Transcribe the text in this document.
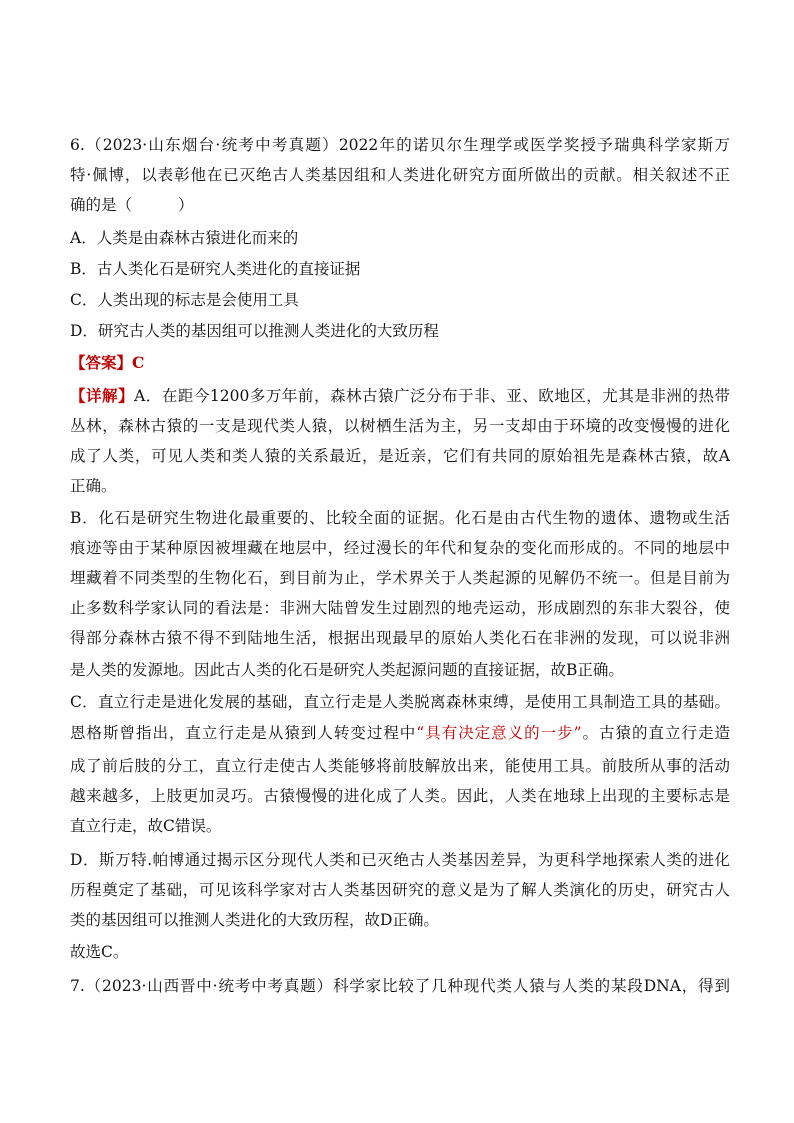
6.（2023·山东烟台·统考中考真题）2022年的诺贝尔生理学或医学奖授予瑞典科学家斯万
特·佩博，以表彰他在已灭绝古人类基因组和人类进化研究方面所做出的贡献。相关叙述不正
确的是（	）
A．人类是由森林古猿进化而来的
B．古人类化石是研究人类进化的直接证据
C．人类出现的标志是会使用工具
D．研究古人类的基因组可以推测人类进化的大致历程
【答案】C
【详解】A．在距今1200多万年前，森林古猿广泛分布于非、亚、欧地区，尤其是非洲的热带
丛林，森林古猿的一支是现代类人猿，以树栖生活为主，另一支却由于环境的改变慢慢的进化
成了人类，可见人类和类人猿的关系最近，是近亲，它们有共同的原始祖先是森林古猿，故A
正确。
B．化石是研究生物进化最重要的、比较全面的证据。化石是由古代生物的遗体、遗物或生活
痕迹等由于某种原因被埋藏在地层中，经过漫长的年代和复杂的变化而形成的。不同的地层中
埋藏着不同类型的生物化石，到目前为止，学术界关于人类起源的见解仍不统一。但是目前为
止多数科学家认同的看法是：非洲大陆曾发生过剧烈的地壳运动，形成剧烈的东非大裂谷，使
得部分森林古猿不得不到陆地生活，根据出现最早的原始人类化石在非洲的发现，可以说非洲
是人类的发源地。因此古人类的化石是研究人类起源问题的直接证据，故B正确。
C．直立行走是进化发展的基础，直立行走是人类脱离森林束缚，是使用工具制造工具的基础。
恩格斯曾指出，直立行走是从猿到人转变过程中“具有决定意义的一步”。古猿的直立行走造
成了前后肢的分工，直立行走使古人类能够将前肢解放出来，能使用工具。前肢所从事的活动
越来越多，上肢更加灵巧。古猿慢慢的进化成了人类。因此，人类在地球上出现的主要标志是
直立行走，故C错误。
D．斯万特.帕博通过揭示区分现代人类和已灭绝古人类基因差异，为更科学地探索人类的进化
历程奠定了基础，可见该科学家对古人类基因研究的意义是为了解人类演化的历史，研究古人
类的基因组可以推测人类进化的大致历程，故D正确。
故选C。
7.（2023·山西晋中·统考中考真题）科学家比较了几种现代类人猿与人类的某段DNA，得到
